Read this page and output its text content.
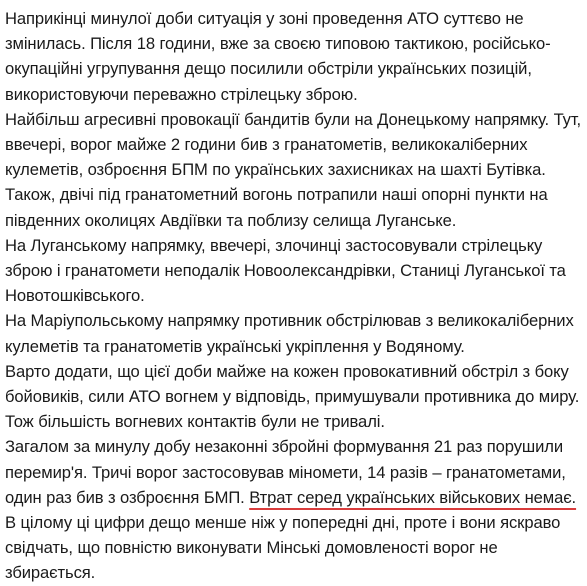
Наприкінці минулої доби ситуація у зоні проведення АТО суттєво не змінилась. Після 18 години, вже за своєю типовою тактикою, російсько-окупаційні угрупування дещо посилили обстріли українських позицій, використовуючи переважно стрілецьку зброю.

Найбільш агресивні провокації бандитів були на Донецькому напрямку. Тут, ввечері, ворог майже 2 години бив з гранатометів, великокаліберних кулеметів, озброєння БПМ по українських захисниках на шахті Бутівка. Також, двічі під гранатометний вогонь потрапили наші опорні пункти на південних околицях Авдіївки та поблизу селища Луганське.

На Луганському напрямку, ввечері, злочинці застосовували стрілецьку зброю і гранатомети неподалік Новоолександрівки, Станиці Луганської та Новотошківського.

На Маріупольському напрямку противник обстрілював з великокаліберних кулеметів та гранатометів українські укріплення у Водяному.

Варто додати, що цієї доби майже на кожен провокативний обстріл з боку бойовиків, сили АТО вогнем у відповідь, примушували противника до миру. Тож більшість вогневих контактів були не тривалі.

Загалом за минулу добу незаконні збройні формування 21 раз порушили перемир'я. Тричі ворог застосовував міномети, 14 разів – гранатометами, один раз бив з озброєння БМП. Втрат серед українських військових немає.

В цілому ці цифри дещо менше ніж у попередні дні, проте і вони яскраво свідчать, що повністю виконувати Мінські домовленості ворог не збирається.
